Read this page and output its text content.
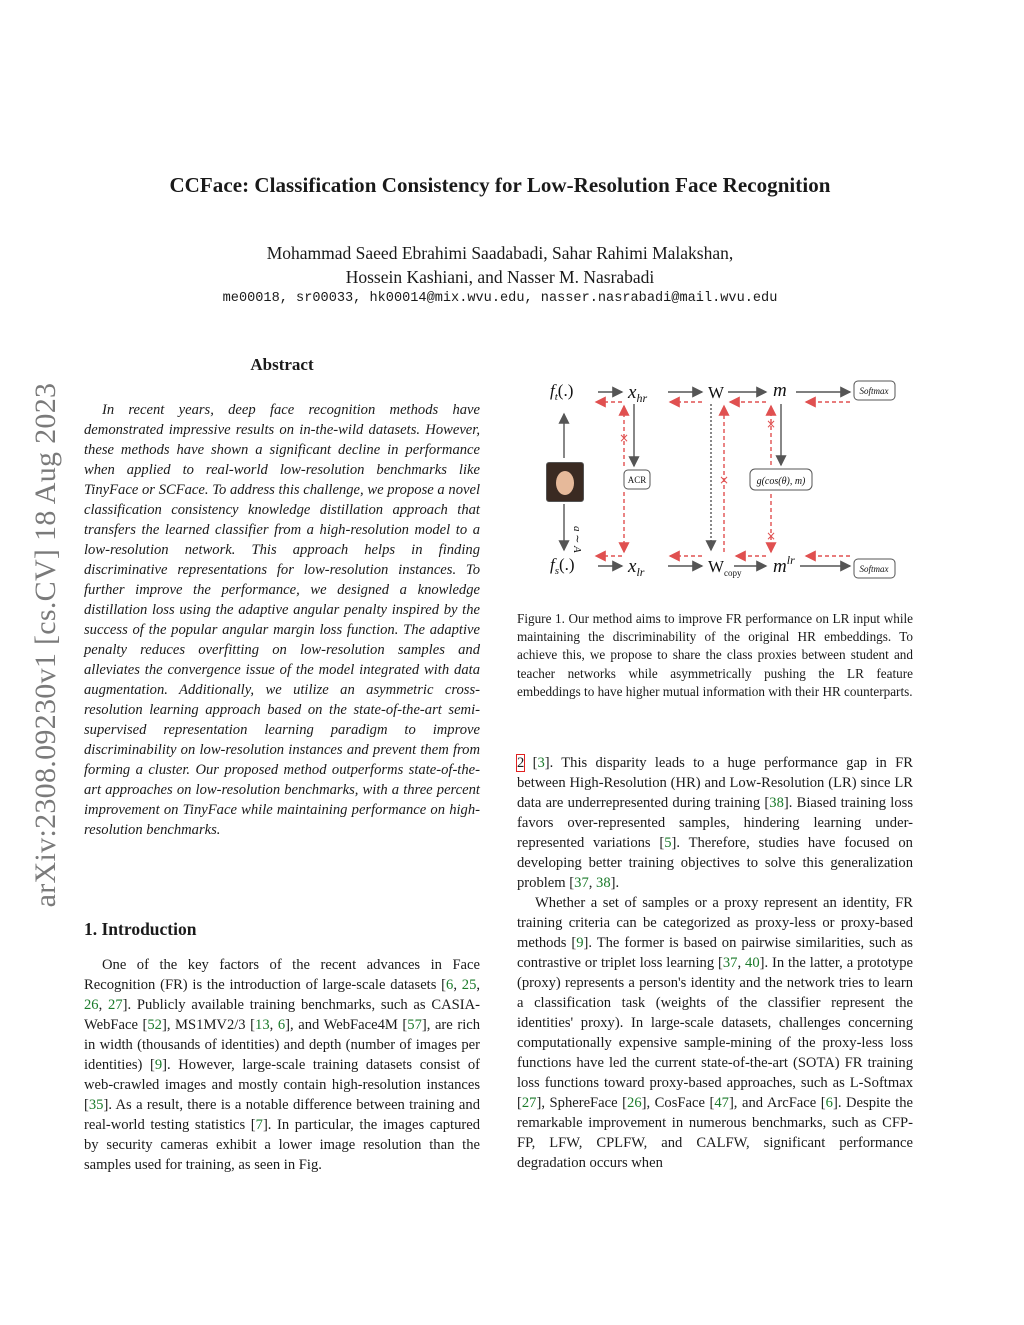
arXiv:2308.09230v1 [cs.CV] 18 Aug 2023
CCFace: Classification Consistency for Low-Resolution Face Recognition
Mohammad Saeed Ebrahimi Saadabadi, Sahar Rahimi Malakshan,
Hossein Kashiani, and Nasser M. Nasrabadi
me00018, sr00033, hk00014@mix.wvu.edu, nasser.nasrabadi@mail.wvu.edu
Abstract

In recent years, deep face recognition methods have demonstrated impressive results on in-the-wild datasets. However, these methods have shown a significant decline in performance when applied to real-world low-resolution benchmarks like TinyFace or SCFace. To address this challenge, we propose a novel classification consistency knowledge distillation approach that transfers the learned classifier from a high-resolution model to a low-resolution network. This approach helps in finding discriminative representations for low-resolution instances. To further improve the performance, we designed a knowledge distillation loss using the adaptive angular penalty inspired by the success of the popular angular margin loss function. The adaptive penalty reduces overfitting on low-resolution samples and alleviates the convergence issue of the model integrated with data augmentation. Additionally, we utilize an asymmetric cross-resolution learning approach based on the state-of-the-art semi-supervised representation learning paradigm to improve discriminability on low-resolution instances and prevent them from forming a cluster. Our proposed method outperforms state-of-the-art approaches on low-resolution benchmarks, with a three percent improvement on TinyFace while maintaining performance on high-resolution benchmarks.

1. Introduction

One of the key factors of the recent advances in Face Recognition (FR) is the introduction of large-scale datasets [6, 25, 26, 27]. Publicly available training benchmarks, such as CASIA-WebFace [52], MS1MV2/3 [13, 6], and WebFace4M [57], are rich in width (thousands of identities) and depth (number of images per identities) [9]. However, large-scale training datasets consist of web-crawled images and mostly contain high-resolution instances [35]. As a result, there is a notable difference between training and real-world testing statistics [7]. In particular, the images captured by security cameras exhibit a lower image resolution than the samples used for training, as seen in Fig.

$f_t(.)$
$f_s(.)$
$x_{hr}$
$x_{lr}$
W
$W_{copy}$
m
$m^{lr}$
Softmax
Softmax
ACR	g(cos(θ), m)
a ∼ A
×
×
×
×
Figure 1. Our method aims to improve FR performance on LR input while maintaining the discriminability of the original HR embeddings. To achieve this, we propose to share the class proxies between student and teacher networks while asymmetrically pushing the LR feature embeddings to have higher mutual information with their HR counterparts.

2 [3]. This disparity leads to a huge performance gap in FR between High-Resolution (HR) and Low-Resolution (LR) since LR data are underrepresented during training [38]. Biased training loss favors over-represented samples, hindering learning under-represented variations [5]. Therefore, studies have focused on developing better training objectives to solve this generalization problem [37, 38].

Whether a set of samples or a proxy represent an identity, FR training criteria can be categorized as proxy-less or proxy-based methods [9]. The former is based on pairwise similarities, such as contrastive or triplet loss learning [37, 40]. In the latter, a prototype (proxy) represents a person's identity and the network tries to learn a classification task (weights of the classifier represent the identities' proxy). In large-scale datasets, challenges concerning computationally expensive sample-mining of the proxy-less loss functions have led the current state-of-the-art (SOTA) FR training loss functions toward proxy-based approaches, such as L-Softmax [27], SphereFace [26], CosFace [47], and ArcFace [6]. Despite the remarkable improvement in numerous benchmarks, such as CFP-FP, LFW, CPLFW, and CALFW, significant performance degradation occurs when
